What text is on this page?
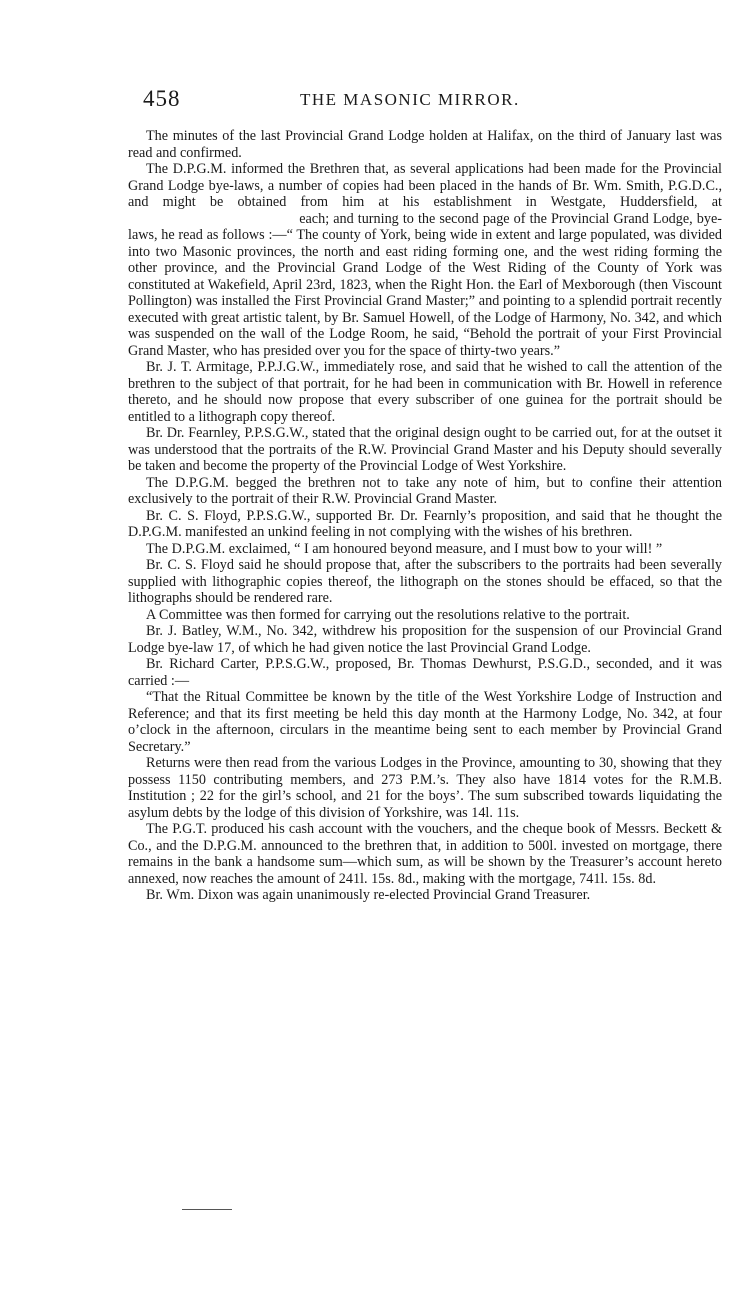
458	THE MASONIC MIRROR.

The minutes of the last Provincial Grand Lodge holden at Halifax, on the third of January last was read and confirmed.

The D.P.G.M. informed the Brethren that, as several applications had been made for the Provincial Grand Lodge bye-laws, a number of copies had been placed in the hands of Br. Wm. Smith, P.G.D.C., and might be obtained from him at his establishment in Westgate, Huddersfield, at                                           each; and turning to the second page of the Provincial Grand Lodge, bye-laws, he read as follows :—“ The county of York, being wide in extent and large populated, was divided into two Masonic provinces, the north and east riding forming one, and the west riding forming the other province, and the Provincial Grand Lodge of the West Riding of the County of York was constituted at Wakefield, April 23rd, 1823, when the Right Hon. the Earl of Mexborough (then Viscount Pollington) was installed the First Provincial Grand Master;” and pointing to a splendid portrait recently executed with great artistic talent, by Br. Samuel Howell, of the Lodge of Harmony, No. 342, and which was suspended on the wall of the Lodge Room, he said, “Behold the portrait of your First Provincial Grand Master, who has presided over you for the space of thirty-two years.”

Br. J. T. Armitage, P.P.J.G.W., immediately rose, and said that he wished to call the attention of the brethren to the subject of that portrait, for he had been in communication with Br. Howell in reference thereto, and he should now propose that every subscriber of one guinea for the portrait should be entitled to a lithograph copy thereof.

Br. Dr. Fearnley, P.P.S.G.W., stated that the original design ought to be carried out, for at the outset it was understood that the portraits of the R.W. Provincial Grand Master and his Deputy should severally be taken and become the property of the Provincial Lodge of West Yorkshire.

The D.P.G.M. begged the brethren not to take any note of him, but to confine their attention exclusively to the portrait of their R.W. Provincial Grand Master.

Br. C. S. Floyd, P.P.S.G.W., supported Br. Dr. Fearnly’s proposition, and said that he thought the D.P.G.M. manifested an unkind feeling in not complying with the wishes of his brethren.

The D.P.G.M. exclaimed, “ I am honoured beyond measure, and I must bow to your will! ”

Br. C. S. Floyd said he should propose that, after the subscribers to the portraits had been severally supplied with lithographic copies thereof, the lithograph on the stones should be effaced, so that the lithographs should be rendered rare.

A Committee was then formed for carrying out the resolutions relative to the portrait.

Br. J. Batley, W.M., No. 342, withdrew his proposition for the suspension of our Provincial Grand Lodge bye-law 17, of which he had given notice the last Provincial Grand Lodge.

Br. Richard Carter, P.P.S.G.W., proposed, Br. Thomas Dewhurst, P.S.G.D., seconded, and it was carried :—

“That the Ritual Committee be known by the title of the West Yorkshire Lodge of Instruction and Reference; and that its first meeting be held this day month at the Harmony Lodge, No. 342, at four o’clock in the afternoon, circulars in the meantime being sent to each member by Provincial Grand Secretary.”

Returns were then read from the various Lodges in the Province, amounting to 30, showing that they possess 1150 contributing members, and 273 P.M.’s. They also have 1814 votes for the R.M.B. Institution ; 22 for the girl’s school, and 21 for the boys’. The sum subscribed towards liquidating the asylum debts by the lodge of this division of Yorkshire, was 14l. 11s.

The P.G.T. produced his cash account with the vouchers, and the cheque book of Messrs. Beckett & Co., and the D.P.G.M. announced to the brethren that, in addition to 500l. invested on mortgage, there remains in the bank a handsome sum—which sum, as will be shown by the Treasurer’s account hereto annexed, now reaches the amount of 241l. 15s. 8d., making with the mortgage, 741l. 15s. 8d.

Br. Wm. Dixon was again unanimously re-elected Provincial Grand Treasurer.
